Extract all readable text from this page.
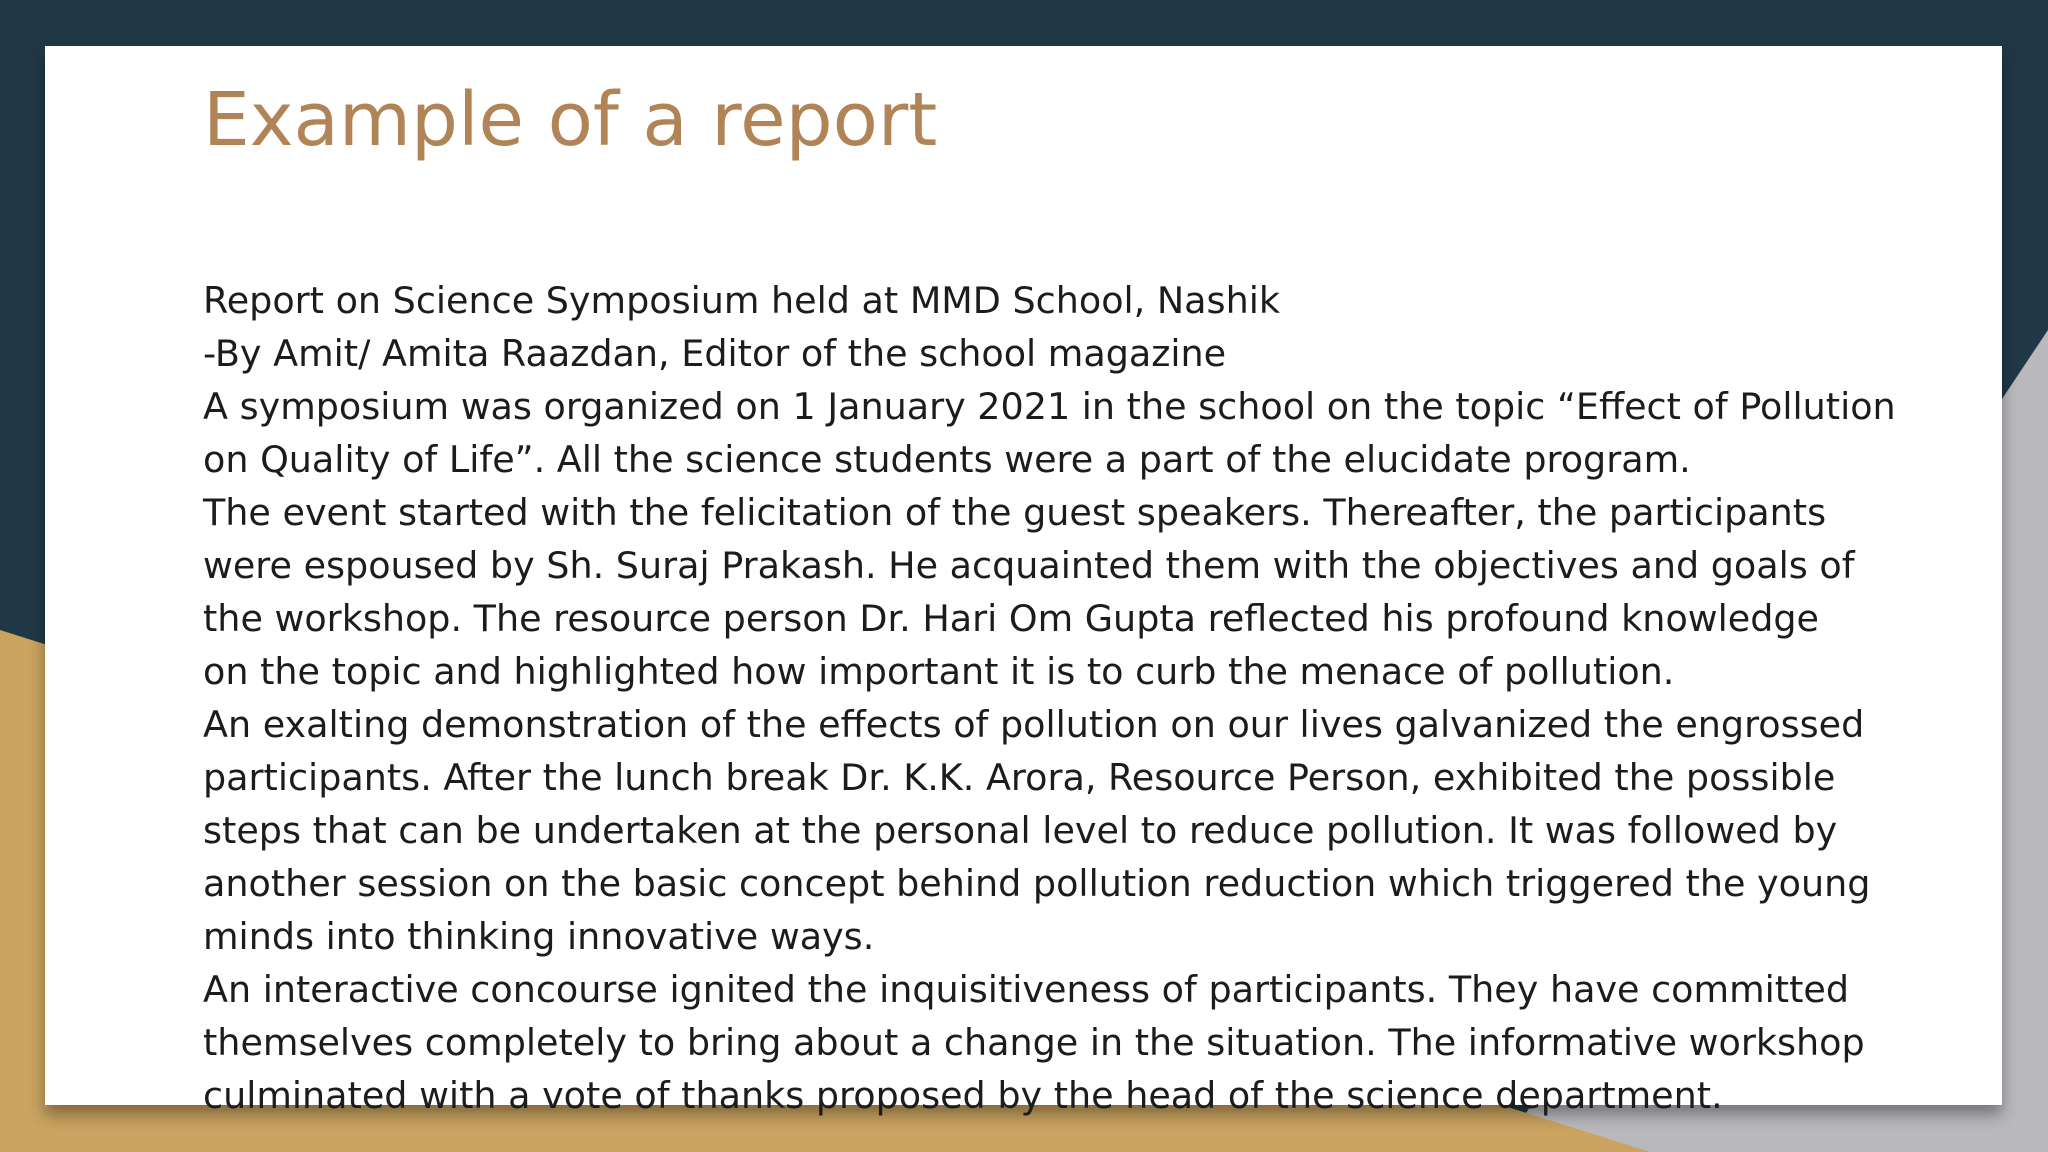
Example of a report
Report on Science Symposium held at MMD School, Nashik
-By Amit/ Amita Raazdan, Editor of the school magazine
A symposium was organized on 1 January 2021 in the school on the topic “Effect of Pollution
on Quality of Life”. All the science students were a part of the elucidate program.
The event started with the felicitation of the guest speakers. Thereafter, the participants
were espoused by Sh. Suraj Prakash. He acquainted them with the objectives and goals of
the workshop. The resource person Dr. Hari Om Gupta reflected his profound knowledge
on the topic and highlighted how important it is to curb the menace of pollution.
An exalting demonstration of the effects of pollution on our lives galvanized the engrossed
participants. After the lunch break Dr. K.K. Arora, Resource Person, exhibited the possible
steps that can be undertaken at the personal level to reduce pollution. It was followed by
another session on the basic concept behind pollution reduction which triggered the young
minds into thinking innovative ways.
An interactive concourse ignited the inquisitiveness of participants. They have committed
themselves completely to bring about a change in the situation. The informative workshop
culminated with a vote of thanks proposed by the head of the science department.
